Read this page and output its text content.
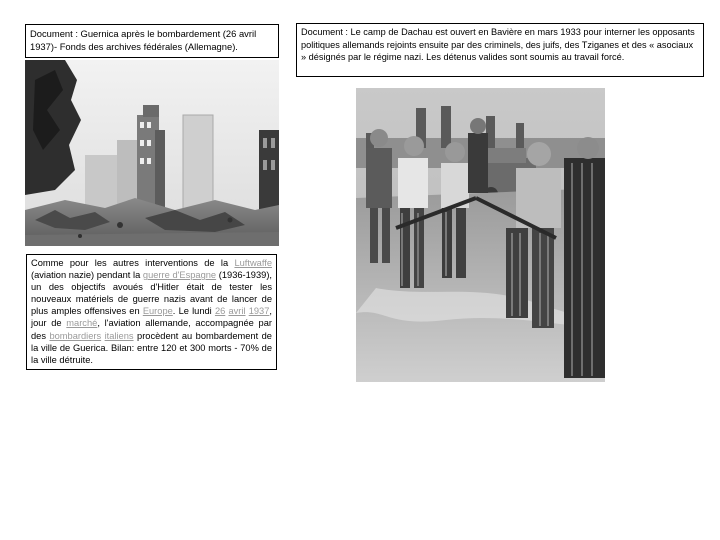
Document : Guernica après le bombardement (26 avril 1937)- Fonds des archives fédérales (Allemagne).
Comme pour les autres interventions de la Luftwaffe (aviation nazie) pendant la guerre d'Espagne (1936-1939), un des objectifs avoués d'Hitler était de tester les nouveaux matériels de guerre nazis avant de lancer de plus amples offensives en Europe. Le lundi 26 avril 1937, jour de marché, l'aviation allemande, accompagnée par des bombardiers italiens procèdent au bombardement de la ville de Guerica. Bilan: entre 120 et 300 morts - 70% de la ville détruite.
Document : Le camp de Dachau est ouvert en Bavière en mars 1933 pour interner les opposants politiques allemands rejoints ensuite par des criminels, des juifs, des Tziganes et des « asociaux » désignés par le régime nazi. Les détenus valides sont soumis au travail forcé.
